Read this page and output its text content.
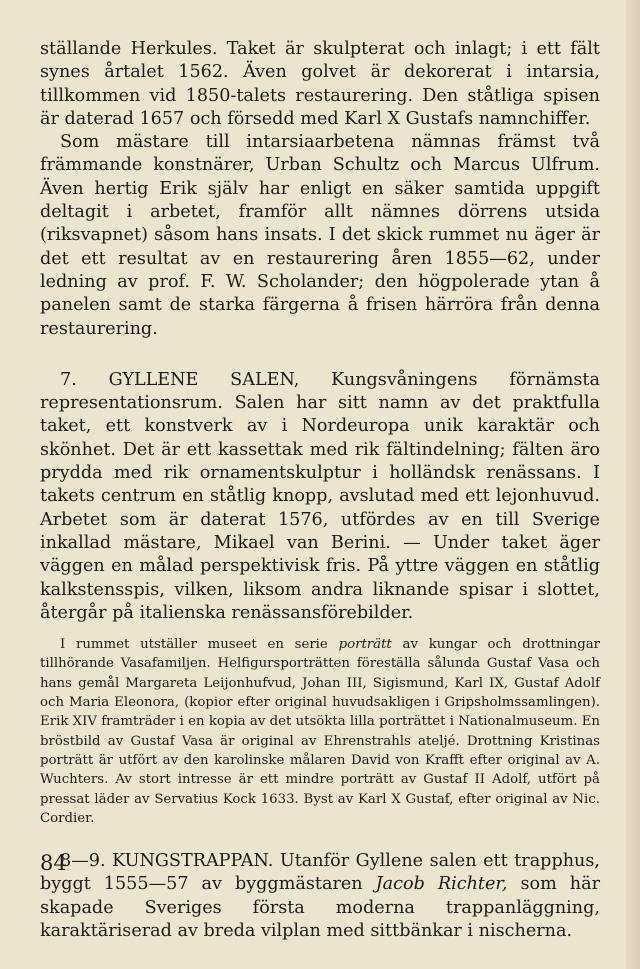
ställande Herkules. Taket är skulpterat och inlagt; i ett fält synes årtalet 1562. Även golvet är dekorerat i intarsia, tillkommen vid 1850-talets restaurering. Den ståtliga spisen är daterad 1657 och försedd med Karl X Gustafs namnchiffer.

Som mästare till intarsiaarbetena nämnas främst två främmande konstnärer, Urban Schultz och Marcus Ulfrum. Även hertig Erik själv har enligt en säker samtida uppgift deltagit i arbetet, framför allt nämnes dörrens utsida (riksvapnet) såsom hans insats. I det skick rummet nu äger är det ett resultat av en restaurering åren 1855—62, under ledning av prof. F. W. Scholander; den högpolerade ytan å panelen samt de starka färgerna å frisen härröra från denna restaurering.

7. GYLLENE SALEN, Kungsvåningens förnämsta representationsrum. Salen har sitt namn av det praktfulla taket, ett konstverk av i Nordeuropa unik karaktär och skönhet. Det är ett kassettak med rik fältindelning; fälten äro prydda med rik ornamentskulptur i holländsk renässans. I takets centrum en ståtlig knopp, avslutad med ett lejonhuvud. Arbetet som är daterat 1576, utfördes av en till Sverige inkallad mästare, Mikael van Berini. — Under taket äger väggen en målad perspektivisk fris. På yttre väggen en ståtlig kalkstensspis, vilken, liksom andra liknande spisar i slottet, återgår på italienska renässansförebilder.

I rummet utställer museet en serie porträtt av kungar och drottningar tillhörande Vasafamiljen. Helfigursporträtten föreställa sålunda Gustaf Vasa och hans gemål Margareta Leijonhufvud, Johan III, Sigismund, Karl IX, Gustaf Adolf och Maria Eleonora, (kopior efter original huvudsakligen i Gripsholmssamlingen). Erik XIV framträder i en kopia av det utsökta lilla porträttet i Nationalmuseum. En bröstbild av Gustaf Vasa är original av Ehrenstrahls ateljé. Drottning Kristinas porträtt är utfört av den karolinske målaren David von Krafft efter original av A. Wuchters. Av stort intresse är ett mindre porträtt av Gustaf II Adolf, utfört på pressat läder av Servatius Kock 1633. Byst av Karl X Gustaf, efter original av Nic. Cordier.

8—9. KUNGSTRAPPAN. Utanför Gyllene salen ett trapphus, byggt 1555—57 av byggmästaren Jacob Richter, som här skapade Sveriges första moderna trappanläggning, karaktäriserad av breda vilplan med sittbänkar i nischerna.

84
